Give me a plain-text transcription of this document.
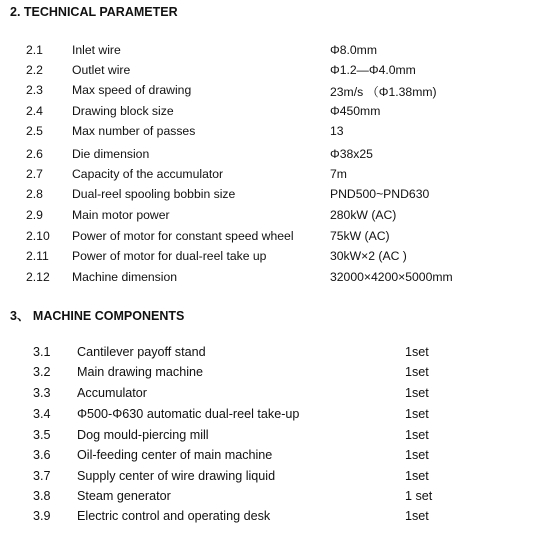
2. TECHNICAL PARAMETER
2.1 Inlet wire	Φ8.0mm
2.2 Outlet wire	Φ1.2—Φ4.0mm
2.3 Max speed of drawing	23m/s （Φ1.38mm)
2.4 Drawing block size	Φ450mm
2.5 Max number of passes	13
2.6 Die dimension	Φ38x25
2.7 Capacity of the accumulator	7m
2.8 Dual-reel spooling bobbin size	PND500~PND630
2.9 Main motor power	280kW (AC)
2.10 Power of motor for constant speed wheel	75kW (AC)
2.11 Power of motor for dual-reel take up	30kW×2 (AC )
2.12 Machine dimension	32000×4200×5000mm
3、 MACHINE COMPONENTS
3.1 Cantilever payoff stand	1set
3.2 Main drawing machine	1set
3.3 Accumulator	1set
3.4 Φ500-Φ630 automatic dual-reel take-up	1set
3.5 Dog mould-piercing mill	1set
3.6 Oil-feeding center of main machine	1set
3.7 Supply center of wire drawing liquid	1set
3.8 Steam generator	1 set
3.9 Electric control and operating desk	1set
